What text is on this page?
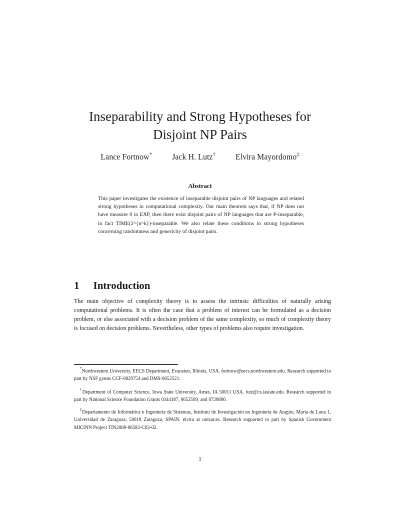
Inseparability and Strong Hypotheses for
Disjoint NP Pairs
Lance Fortnow*	Jack H. Lutz†	Elvira Mayordomo‡
Abstract
This paper investigates the existence of inseparable disjoint pairs of NP languages and related strong hypotheses in computational complexity. Our main theorem says that, if NP does not have measure 0 in EXP, then there exist disjoint pairs of NP languages that are P-inseparable, in fact TIME(2^{n^k})-inseparable. We also relate these conditions to strong hypotheses concerning randomness and genericity of disjoint pairs.
1 Introduction

The main objective of complexity theory is to assess the intrinsic difficulties of naturally arising computational problems. It is often the case that a problem of interest can be formulated as a decision problem, or else associated with a decision problem of the same complexity, so much of complexity theory is focused on decision problems. Nevertheless, other types of problems also require investigation.

*Northwestern University, EECS Department, Evanston, Illinois, USA. fortnow@eecs.northwestern.edu. Research supported in part by NSF grants CCF-0829754 and DMS-0652521.

†Department of Computer Science, Iowa State University, Ames, IA 50011 USA. lutz@cs.iastate.edu. Research supported in part by National Science Foundation Grants 0344187, 0652569, and 0728806.

‡Departamento de Informática e Ingeniería de Sistemas, Instituto de Investigación en Ingeniería de Aragón, María de Luna 1, Universidad de Zaragoza, 50018 Zaragoza, SPAIN. elvira at unizar.es. Research supported in part by Spanish Government MICINN Project TIN2008-06582-C03-02.

1
